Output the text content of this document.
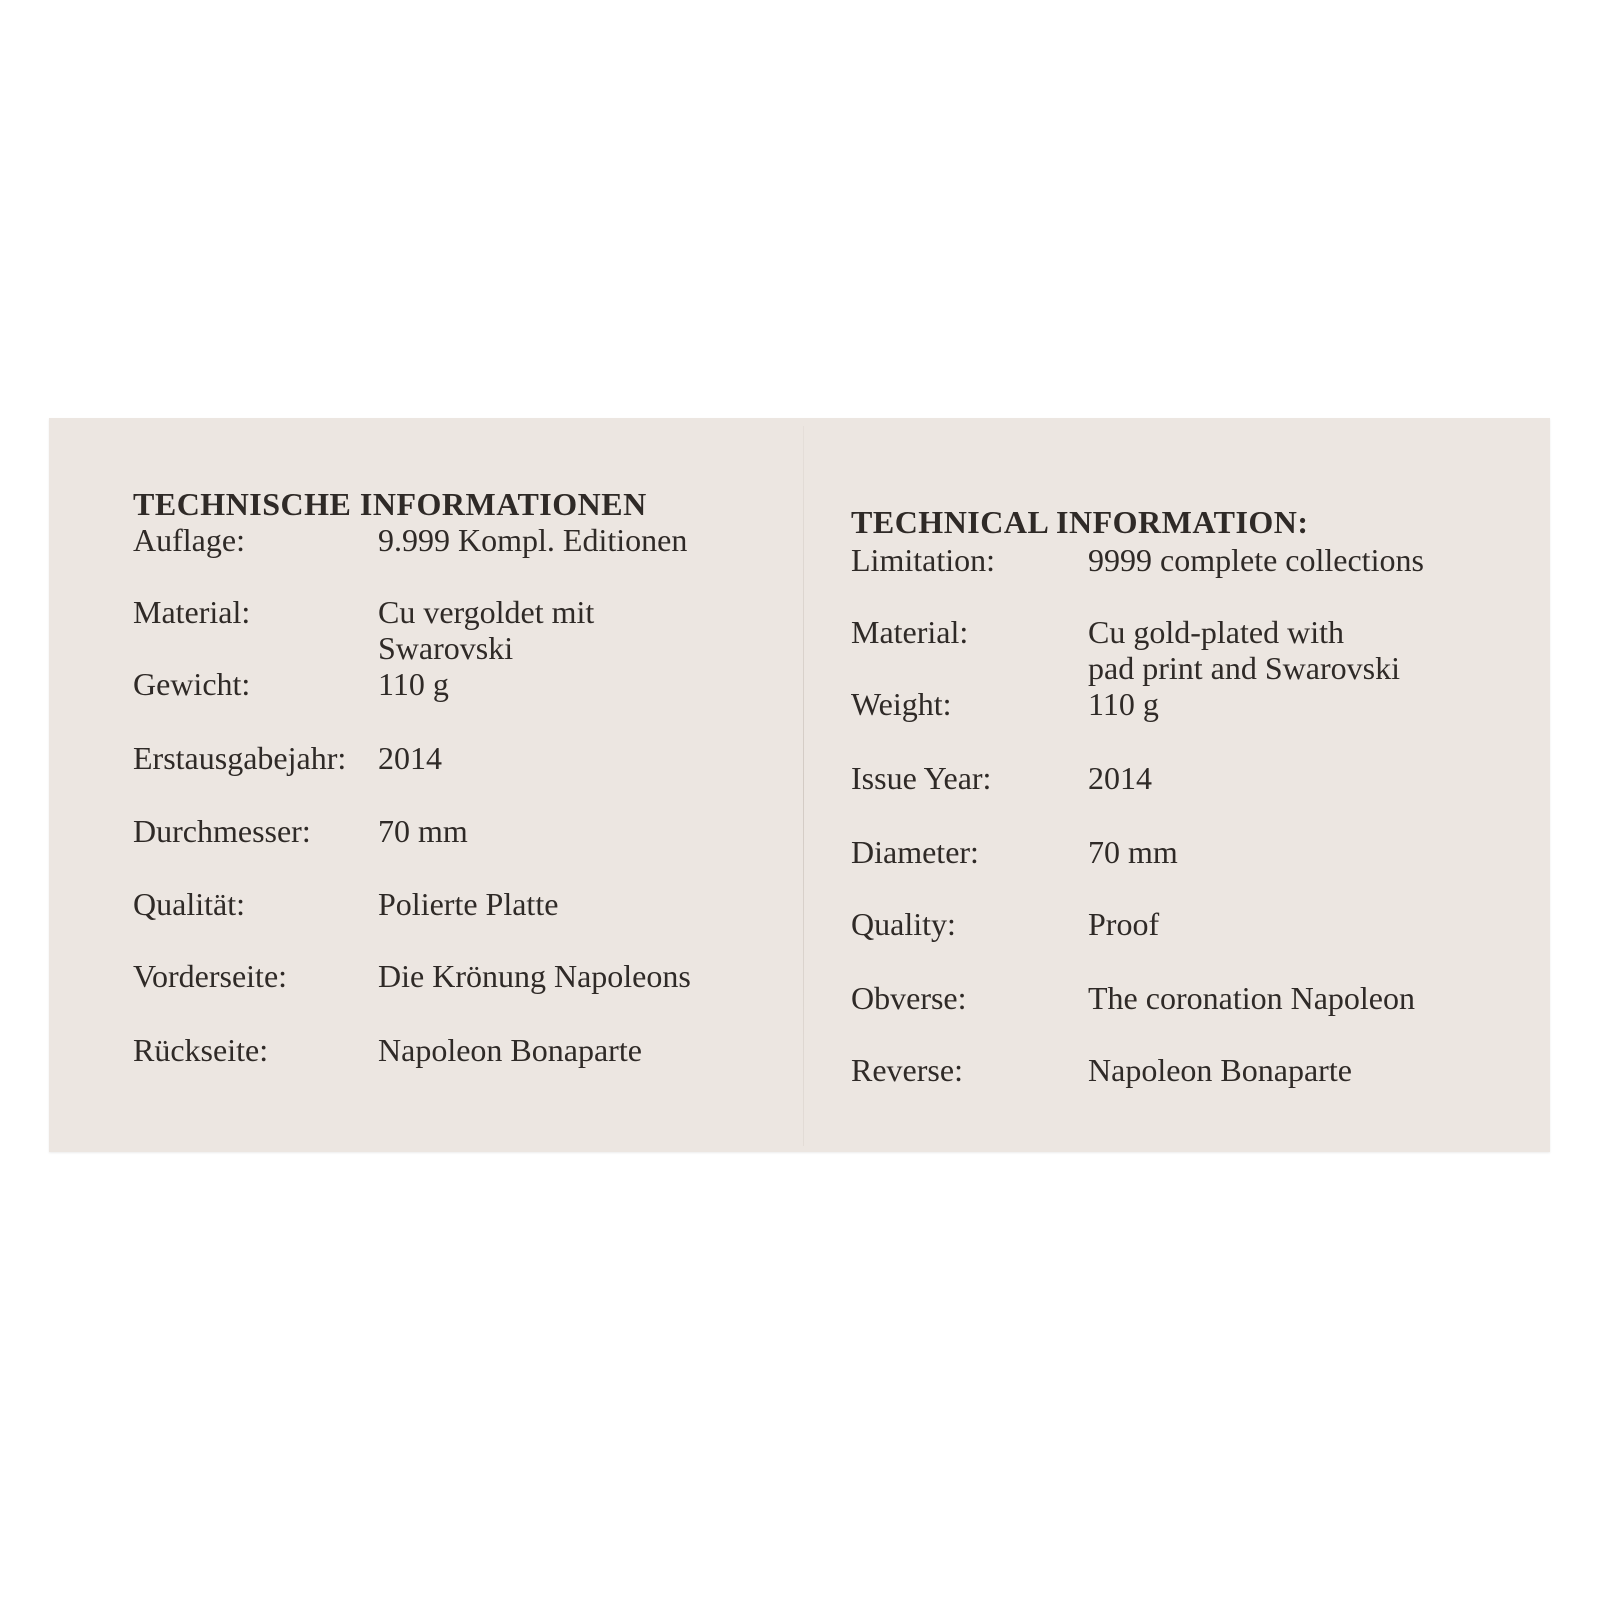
TECHNISCHE INFORMATIONEN
Auflage:	9.999 Kompl. Editionen
Material:	Cu vergoldet mit
Swarovski
Gewicht:	110 g
Erstausgabejahr: 2014
Durchmesser: 70 mm
Qualität:	Polierte Platte
Vorderseite:	Die Krönung Napoleons
Rückseite:	Napoleon Bonaparte
TECHNICAL INFORMATION:
Limitation:	9999 complete collections
Material:	Cu gold-plated with
pad print and Swarovski
Weight:	110 g
Issue Year:	2014
Diameter:	70 mm
Quality:	Proof
Obverse:	The coronation Napoleon
Reverse:	Napoleon Bonaparte
